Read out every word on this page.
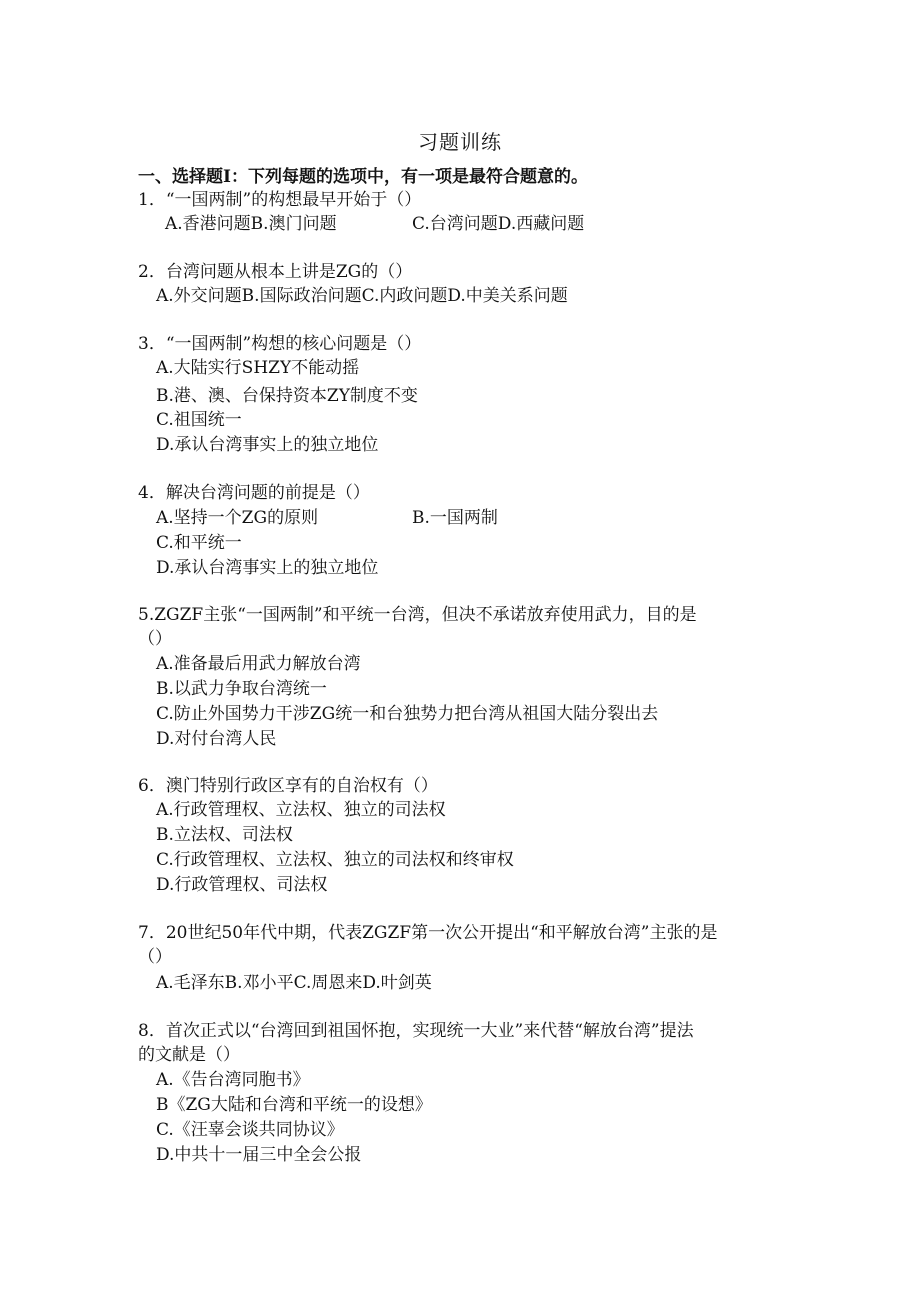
习题训练
一、选择题I：下列每题的选项中，有一项是最符合题意的。
1．“一国两制”的构想最早开始于（）
A.香港问题B.澳门问题	C.台湾问题D.西藏问题
2．台湾问题从根本上讲是ZG的（）
A.外交问题B.国际政治问题C.内政问题D.中美关系问题
3．“一国两制”构想的核心问题是（）
A.大陆实行SHZY不能动摇
B.港、澳、台保持资本ZY制度不变
C.祖国统一
D.承认台湾事实上的独立地位
4．解决台湾问题的前提是（）
A.坚持一个ZG的原则	B.一国两制
C.和平统一
D.承认台湾事实上的独立地位
5.ZGZF主张“一国两制”和平统一台湾，但决不承诺放弃使用武力，目的是
（）
A.准备最后用武力解放台湾
B.以武力争取台湾统一
C.防止外国势力干涉ZG统一和台独势力把台湾从祖国大陆分裂出去
D.对付台湾人民
6．澳门特别行政区享有的自治权有（）
A.行政管理权、立法权、独立的司法权
B.立法权、司法权
C.行政管理权、立法权、独立的司法权和终审权
D.行政管理权、司法权
7．20世纪50年代中期，代表ZGZF第一次公开提出“和平解放台湾”主张的是
（）
A.毛泽东B.邓小平C.周恩来D.叶剑英
8．首次正式以“台湾回到祖国怀抱，实现统一大业”来代替“解放台湾”提法
的文献是（）
A.《告台湾同胞书》
B《ZG大陆和台湾和平统一的设想》
C.《汪辜会谈共同协议》
D.中共十一届三中全会公报
